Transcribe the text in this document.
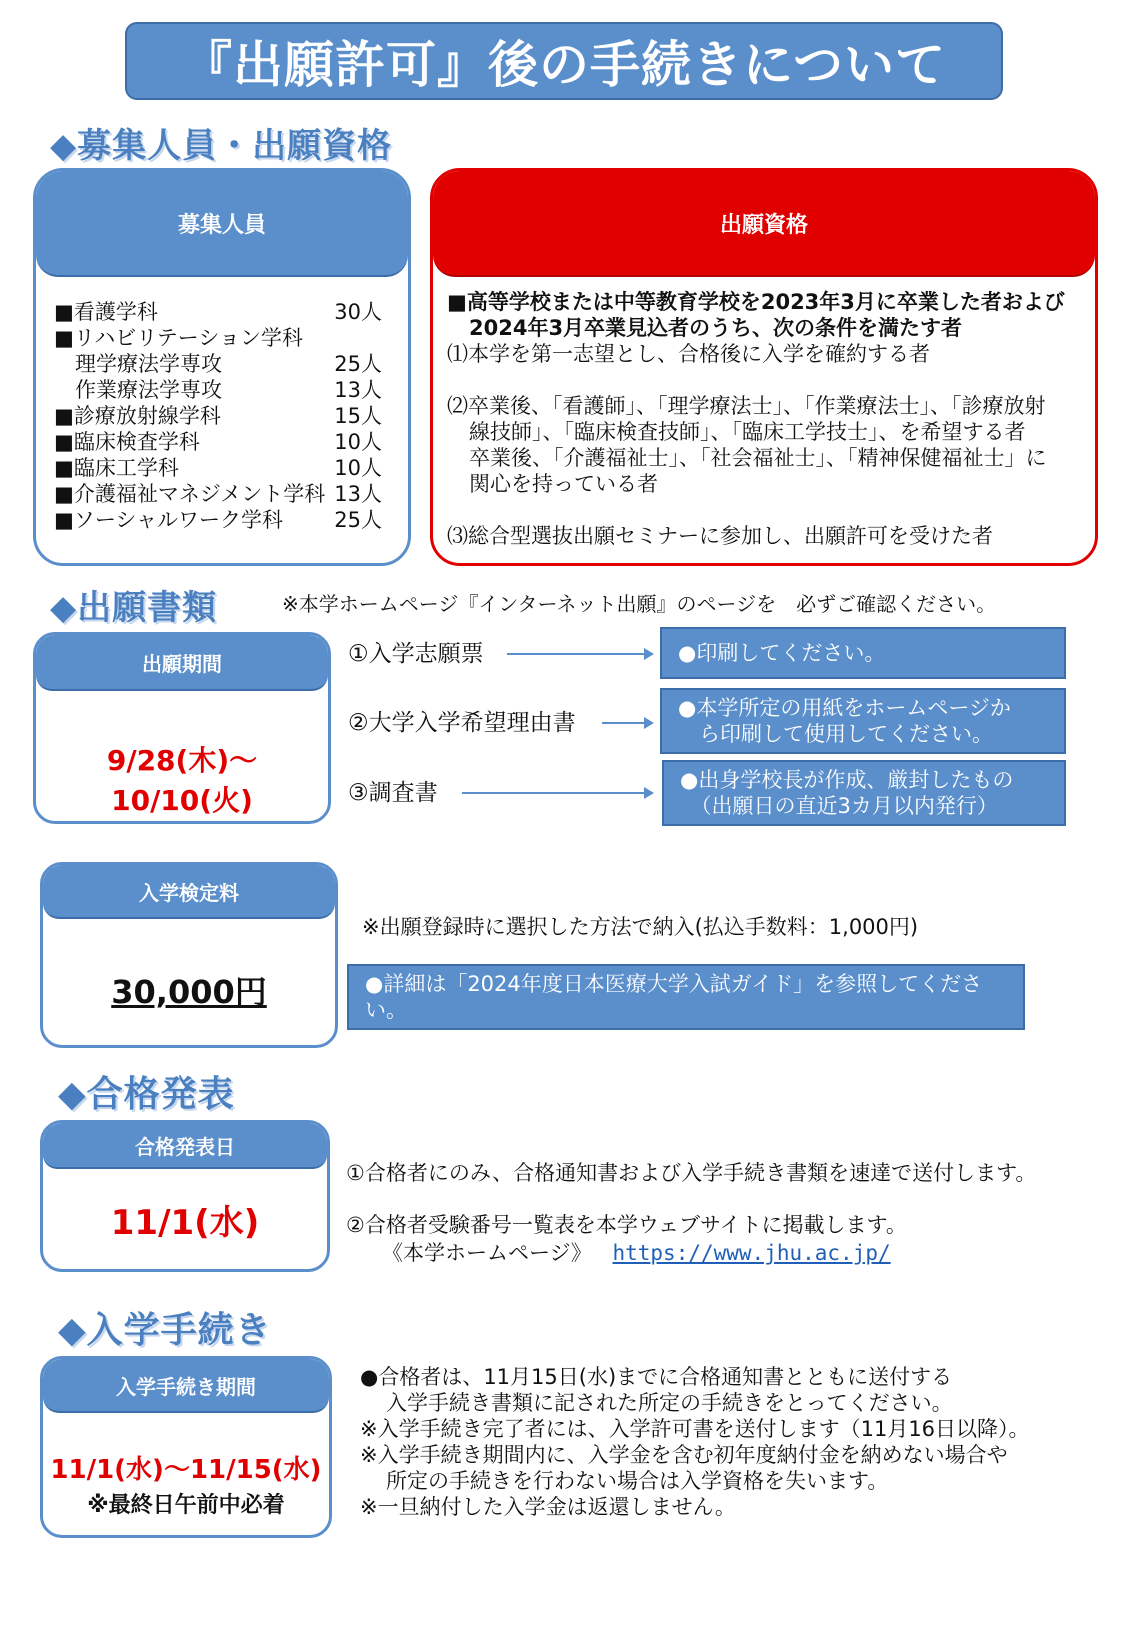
『出願許可』後の手続きについて
◆募集人員・出願資格
募集人員
■看護学科	30人
■リハビリテーション学科
　理学療法学専攻	25人
　作業療法学専攻	13人
■診療放射線学科	15人
■臨床検査学科	10人
■臨床工学科	10人
■介護福祉マネジメント学科 13人
■ソーシャルワーク学科 25人
出願資格
■高等学校または中等教育学校を2023年3月に卒業した者および
2024年3月卒業見込者のうち、次の条件を満たす者
⑴本学を第一志望とし、合格後に入学を確約する者
⑵卒業後、「看護師」、「理学療法士」、「作業療法士」、「診療放射
線技師」、「臨床検査技師」、「臨床工学技士」、を希望する者
卒業後、「介護福祉士」、「社会福祉士」、「精神保健福祉士」に
関心を持っている者
⑶総合型選抜出願セミナーに参加し、出願許可を受けた者
◆出願書類	※本学ホームページ『インターネット出願』のページを　必ずご確認ください。
出願期間
9/28(木)～10/10(火)
①入学志願票	●印刷してください。
②大学入学希望理由書
●本学所定の用紙をホームページか
　ら印刷して使用してください。
③調査書	●出身学校長が作成、厳封したもの
　（出願日の直近3カ月以内発行）
入学検定料
30,000円
※出願登録時に選択した方法で納入(払込手数料：1,000円)
●詳細は「2024年度日本医療大学入試ガイド」を参照してください。
◆合格発表
合格発表日
11/1(水)
①合格者にのみ、合格通知書および入学手続き書類を速達で送付します。
②合格者受験番号一覧表を本学ウェブサイトに掲載します。
《本学ホームページ》 https://www.jhu.ac.jp/
◆入学手続き
入学手続き期間
11/1(水)～11/15(水)
※最終日午前中必着
●合格者は、11月15日(水)までに合格通知書とともに送付する
入学手続き書類に記された所定の手続きをとってください。
※入学手続き完了者には、入学許可書を送付します（11月16日以降）。
※入学手続き期間内に、入学金を含む初年度納付金を納めない場合や
所定の手続きを行わない場合は入学資格を失います。
※一旦納付した入学金は返還しません。
